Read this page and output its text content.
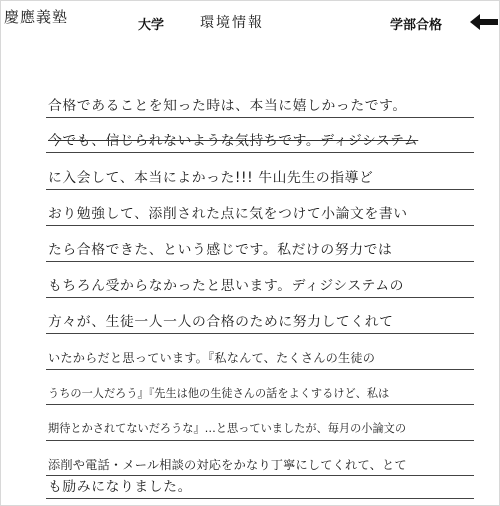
慶應義塾	大学	環境情報	学部合格
合格であることを知った時は、本当に嬉しかったです。
今でも、信じられないような気持ちです。ディジシステム
に入会して、本当によかった!!! 牛山先生の指導ど
おり勉強して、添削された点に気をつけて小論文を書い
たら合格できた、という感じです。私だけの努力では
もちろん受からなかったと思います。ディジシステムの
方々が、生徒一人一人の合格のために努力してくれて
いたからだと思っています。『私なんて、たくさんの生徒の
うちの一人だろう』『先生は他の生徒さんの話をよくするけど、私は
期待とかされてないだろうな』…と思っていましたが、毎月の小論文の
添削や電話・メール相談の対応をかなり丁寧にしてくれて、とて
も励みになりました。
